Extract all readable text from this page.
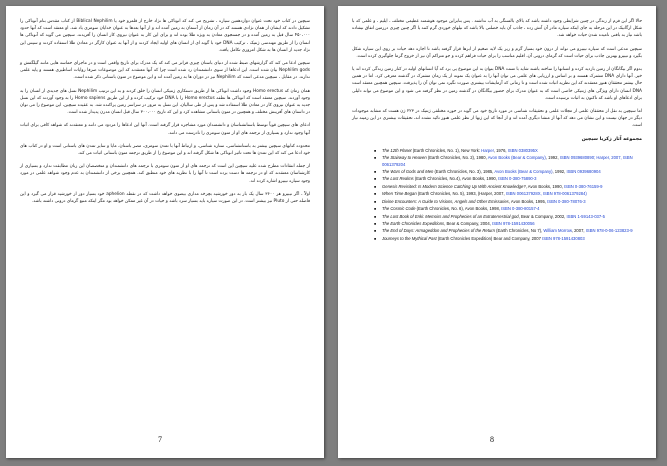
حالا اگر این فرم از زندگی در چنین شرایطی وجود داشته باشد که بالای بالسنگی به آب نداشته . پس بنابراین موجود هوشمند عظیمی مختلف ، ایلیم ، و علمی که با شکل ارگانیک در این مرحله به جای اینکه سیاره مادر آن آتش زده ، جاذب آن باید خصلتی بالا باشد که نیلهای خوردی گرم کنند یا اگر چنین چیزی درزمین اتفاق نیفتاده باشد نیاز به بافتی نامیده شدن حیات خواهد شد.

سیچین مدعی است که سیاره نیبیرو می تواند از درون خود بسیار گرم و زیر یک لایه ضخیم از ابرها قرار گرفته باشد تا اجازه دهد حیات بر روی این سیاره شکل بگیرد و نیبیرو بهترین جاذب برای حیات است که گرمای درونی آن، اقلیم مناسب را برای حیات فراهم کرده و جو متراکم آن نیز از خروج گرما جلوگیری کرده است.

بدوم اگر بیگانگان از زمین بازدید کرده و انسانها را ساخته باشند شاید با تست DNA بتوان به این موضوع پی برد که آیا انسانهای اولیه در کنار زمین زندگی کرده اند یا خیر. آنها دارای DNA مشترک هستند و بر اساس و ارزیابی های علمی می توان آنها را به عنوان یک نمونه از یک زمان مشترک در گذشته معرفی کرد. اما در همین حال بیشتر محققان هنوز معتقدند که این نظریه اثبات شده است و تا زمانی که آزمایشات بیشتری صورت نگیرد نمی توان آن را پذیرفت. سیچین همچنین معتقد است DNA انسان دارای ویژگی های ژنتیکی خاصی است که به عنوان مدرک برای حضور بیگانگان در گذشته زمین در نظر گرفته می شود و این موضوع می تواند دلیلی برای ادعاهای او باشد که تاکنون به اثبات نرسیده است.

اما سیچین به نقل از محققان علمی از مجلات علمی و تحقیقات شناسی در مورد تاریخ خود می گوید در حوزه مختلفی ژنتیک در ۲۲۳ ژن هست که مشابه موجودات دیگر در جهان نیست و این نشان می دهد که آنها از منشا دیگری آمده اند و از آنجا که این ژنها از نظر علمی هنوز تائید نشده اند، تحقیقات بیشتری در این زمینه نیاز است.

مجموعه آثار زکریا سیچین
■ The 12th Planet (Earth Chronicles, No. 1), New York: Harper, 1976, ISBN 0380395X
■ The Stairway to Heaven (Earth Chronicles, No. 2), 1980, Avon Books (Bear & Company), 1992, ISBN 0939680890; Harper, 2007, ISBN 0061379204
■ The Wars of Gods and Men (Earth Chronicles, No. 3), 1985, Avon Books (Bear & Company), 1992, ISBN 0939680904
■ The Lost Realms (Earth Chronicles, No.4), Avon Books, 1990, ISBN 0-380-75890-3
■ Genesis Revisited: Is Modern Science Catching Up With Ancient Knowledge?, Avon Books, 1990, ISBN 0-380-76159-9
■ When Time Began (Earth Chronicles, No. 5), 1993, (Harper, 2007, ISBN 006137928X, ISBN 978-0061379284)
■ Divine Encounters: A Guide to Visions, Angels and Other Emissaries, Avon Books, 1995, ISBN 0-380-78076-3
■ The Cosmic Code (Earth Chronicles, No. 6), Avon Books, 1998, ISBN 0-380-80157-4
■ The Lost Book of Enki: Memoirs and Prophecies of an Extraterrestrial god, Bear & Company, 2002, ISBN 1-59143-037-5
■ The Earth Chronicles Expeditions, Bear & Company, 2004, ISBN 978-1591430056
■ The End of Days: Armageddon and Prophecies of the Return (Earth Chronicles, No 7), William Morrow, 2007, ISBN 978-0-06-123823-9
■ Journeys to the Mythical Past (Earth Chronicles Expedition) Bear and Company, 2007 ISBN 978-1591430803
8

سیچین در کتاب خود تحت عنوان دوازدهمین سیاره ، تشریح می کند که انوناکی ها نژاد خارج از قلمرو خود یا Biblical Nephilim از کتاب مقدس بنام آنوناکی را تشکیل دادند که ایشان از همان نژادی هستند که در آن زمان از آسمان به زمین آمده اند و از آنها بعدها به عنوان خدایان سومری یاد شد. او معتقد است که آنها حدود ۴۵۰،۰۰۰ سال قبل به زمین آمده و در جستجوی معادن به ویژه طلا بوده اند و برای این کار به عنوان نیروی کار انسان را آفریدند. سیچین می گوید که آنوناکی ها انسان را از طریق مهندسی ژنتیک ، ترکیب DNA خود با گونه ای از انسان های اولیه ایجاد کردند و از آنها به عنوان کارگر در معادن طلا استفاده کردند و سپس این نژاد جدید از انسان ها به شکل امروزی تکامل یافت.

سیچین ادعا می کند که گزارشهای ضبط شده از دنیای باستان چیزی فراتر می کند که یک مدرک برای تاریخ واقعی است و در ماجرای حماسه هایی مانند گیلگمش و Nephilim gods بیان شده است. این ادعاها از سوی دانشمندان رد شده است چرا که آنها معتقدند که این موضوعات صرفا روایات اساطیری هستند و پایه علمی ندارند. در مقابل ، سیچین مدعی است که Nephilim نیز در دوران ها به زمین آمده اند و این موضوع در متون باستانی ذکر شده است.

همان زمان که Homo erectus وجود داشت انوناکی ها از طریق دستکاری ژنتیکی انسان را خلق کردند و به این ترتیب Nephilim نسل های جدیدی از انسان را به وجود آوردند. سیچین معتقد است که انوناکی ها نطفه Homo erectus را با DNA خود ترکیب کرده و از این طریق Homo sapiens را به وجود آوردند که این نسل جدید به عنوان نیروی کار در معادن طلا استفاده شد و پس از طی سالیان، این نسل به مرور در سراسر زمین پراکنده شد. به عقیده سیچین، این موضوع را می توان در داستان های آفرینش مختلف و همچنین در متون باستانی مشاهده کرد و این که تاریخ ۳۰۰،۰۰۰ سال قبل انسان مدرن پدیدار شده است.

ادعای های سیچین قویاً توسط باستانشناسان و دانشمندان مورد مشاجره قرار گرفته است. آنها این ادعاها را مردود می دانند و معتقدند که شواهد کافی برای اثبات آنها وجود ندارد و بسیاری از ترجمه های او از متون سومری را نادرست می دانند.

محدوده کتابهای سیچین بیشتر به باستانشناسی، ستاره شناسی، و ارتباط آنها با تمدن سومری، مصر باستان، مایا و سایر تمدن های باستانی است و او در کتاب های خود ادعا می کند که این تمدن ها تحت تاثیر انوناکی ها شکل گرفته اند و این موضوع را از طریق ترجمه متون باستانی اثبات می کند.

از جمله انتقادات مطرح شده علیه سیچین این است که ترجمه های او از متون سومری با ترجمه های دانشمندان و متخصصان این زبان مطابقت ندارد و بسیاری از کارشناسان معتقدند که او در ترجمه ها دست برده است تا آنها را با نظریه های خود منطبق کند. همچنین برخی از دانشمندان به عدم وجود شواهد علمی در مورد وجود سیاره نیبیرو اشاره کرده اند.

اولاً ، اگر نیبیرو هر ۳۶۰۰ سال یک بار به دور خورشید بچرخد مداری بیضوی خواهد داشت که در نقطه aphelion خود بسیار دور از خورشید قرار می گیرد و این فاصله حتی از Pluto نیز بیشتر است. در این صورت سیاره باید بسیار سرد باشد و حیات در آن غیر ممکن خواهد بود مگر اینکه منبع گرمای درونی داشته باشد.

7
